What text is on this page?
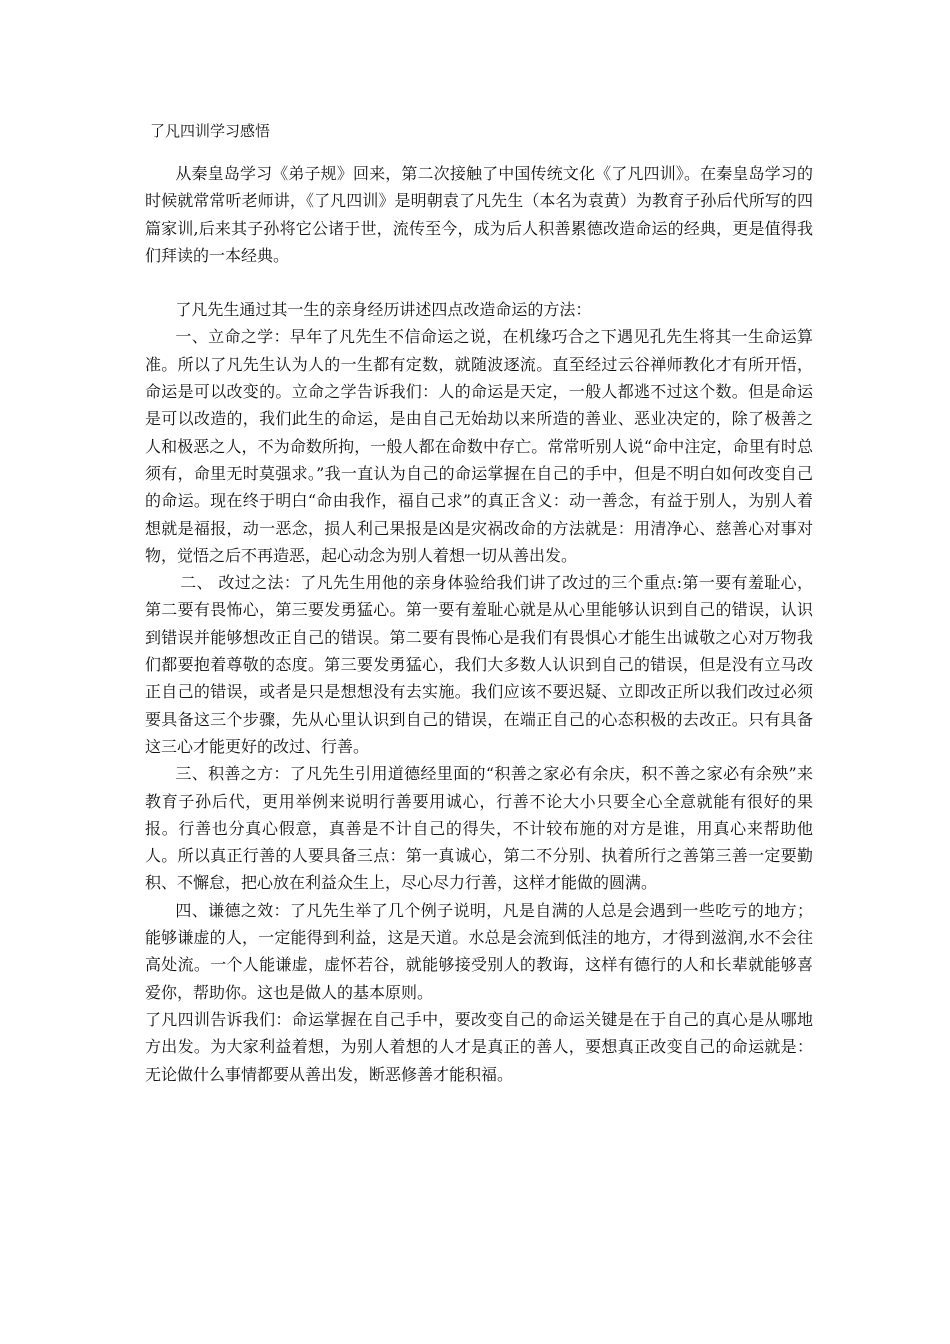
了凡四训学习感悟

从秦皇岛学习《弟子规》回来，第二次接触了中国传统文化《了凡四训》。在秦皇岛学习的时候就常常听老师讲，《了凡四训》是明朝袁了凡先生（本名为袁黄）为教育子孙后代所写的四篇家训,后来其子孙将它公诸于世，流传至今，成为后人积善累德改造命运的经典，更是值得我们拜读的一本经典。

了凡先生通过其一生的亲身经历讲述四点改造命运的方法：

一、立命之学：早年了凡先生不信命运之说，在机缘巧合之下遇见孔先生将其一生命运算准。所以了凡先生认为人的一生都有定数，就随波逐流。直至经过云谷禅师教化才有所开悟，命运是可以改变的。立命之学告诉我们：人的命运是天定，一般人都逃不过这个数。但是命运是可以改造的，我们此生的命运，是由自己无始劫以来所造的善业、恶业决定的，除了极善之人和极恶之人，不为命数所拘，一般人都在命数中存亡。常常听别人说“命中注定，命里有时总须有，命里无时莫强求。”我一直认为自己的命运掌握在自己的手中，但是不明白如何改变自己的命运。现在终于明白“命由我作，福自己求”的真正含义：动一善念，有益于别人，为别人着想就是福报，动一恶念，损人利己果报是凶是灾祸改命的方法就是：用清净心、慈善心对事对物，觉悟之后不再造恶，起心动念为别人着想一切从善出发。

二、 改过之法：了凡先生用他的亲身体验给我们讲了改过的三个重点:第一要有羞耻心，第二要有畏怖心，第三要发勇猛心。第一要有羞耻心就是从心里能够认识到自己的错误，认识到错误并能够想改正自己的错误。第二要有畏怖心是我们有畏惧心才能生出诚敬之心对万物我们都要抱着尊敬的态度。第三要发勇猛心，我们大多数人认识到自己的错误，但是没有立马改正自己的错误，或者是只是想想没有去实施。我们应该不要迟疑、立即改正所以我们改过必须要具备这三个步骤，先从心里认识到自己的错误，在端正自己的心态积极的去改正。只有具备这三心才能更好的改过、行善。

三、积善之方：了凡先生引用道德经里面的“积善之家必有余庆，积不善之家必有余殃”来教育子孙后代，更用举例来说明行善要用诚心，行善不论大小只要全心全意就能有很好的果报。行善也分真心假意，真善是不计自己的得失，不计较布施的对方是谁，用真心来帮助他人。所以真正行善的人要具备三点：第一真诚心，第二不分别、执着所行之善第三善一定要勤积、不懈怠，把心放在利益众生上，尽心尽力行善，这样才能做的圆满。

四、谦德之效：了凡先生举了几个例子说明，凡是自满的人总是会遇到一些吃亏的地方；能够谦虚的人，一定能得到利益，这是天道。水总是会流到低洼的地方，才得到滋润,水不会往高处流。一个人能谦虚，虚怀若谷，就能够接受别人的教诲，这样有德行的人和长辈就能够喜爱你，帮助你。这也是做人的基本原则。

了凡四训告诉我们：命运掌握在自己手中，要改变自己的命运关键是在于自己的真心是从哪地方出发。为大家利益着想，为别人着想的人才是真正的善人，要想真正改变自己的命运就是：无论做什么事情都要从善出发，断恶修善才能积福。
